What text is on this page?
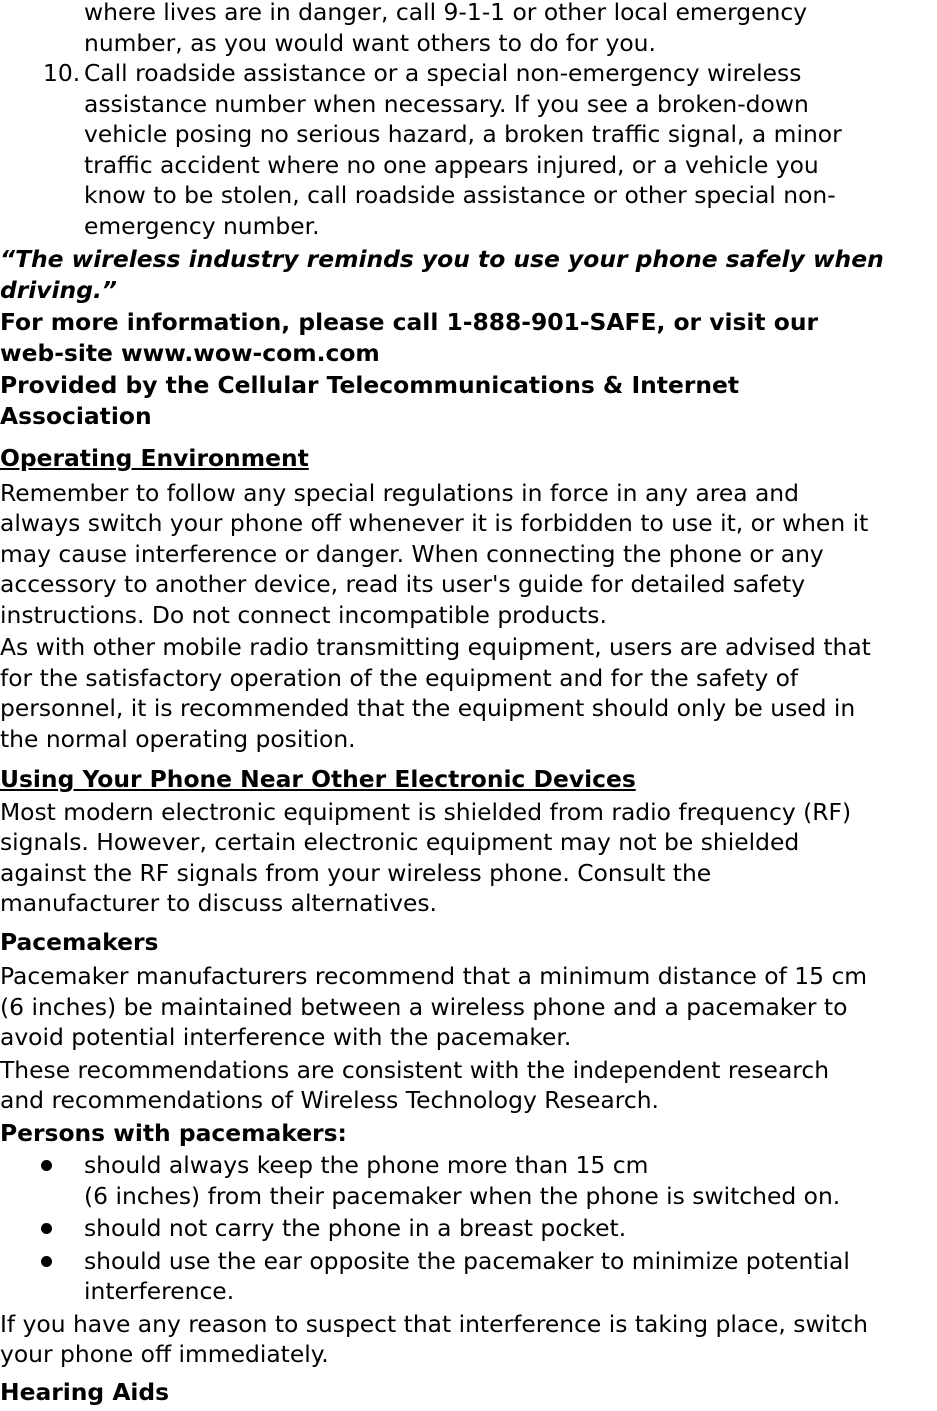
where lives are in danger, call 9-1-1 or other local emergency

number, as you would want others to do for you.

10. Call roadside assistance or a special non-emergency wireless

assistance number when necessary. If you see a broken-down

vehicle posing no serious hazard, a broken traffic signal, a minor

traffic accident where no one appears injured, or a vehicle you

know to be stolen, call roadside assistance or other special non-

emergency number.

“The wireless industry reminds you to use your phone safely when

driving.”

For more information, please call 1-888-901-SAFE, or visit our

web-site www.wow-com.com

Provided by the Cellular Telecommunications & Internet

Association

Operating Environment

Remember to follow any special regulations in force in any area and

always switch your phone off whenever it is forbidden to use it, or when it

may cause interference or danger. When connecting the phone or any

accessory to another device, read its user's guide for detailed safety

instructions. Do not connect incompatible products.

As with other mobile radio transmitting equipment, users are advised that

for the satisfactory operation of the equipment and for the safety of

personnel, it is recommended that the equipment should only be used in

the normal operating position.

Using Your Phone Near Other Electronic Devices

Most modern electronic equipment is shielded from radio frequency (RF)

signals. However, certain electronic equipment may not be shielded

against the RF signals from your wireless phone. Consult the

manufacturer to discuss alternatives.

Pacemakers

Pacemaker manufacturers recommend that a minimum distance of 15 cm

(6 inches) be maintained between a wireless phone and a pacemaker to

avoid potential interference with the pacemaker.

These recommendations are consistent with the independent research

and recommendations of Wireless Technology Research.

Persons with pacemakers:

should always keep the phone more than 15 cm

(6 inches) from their pacemaker when the phone is switched on.

should not carry the phone in a breast pocket.

should use the ear opposite the pacemaker to minimize potential

interference.

If you have any reason to suspect that interference is taking place, switch

your phone off immediately.

Hearing Aids
